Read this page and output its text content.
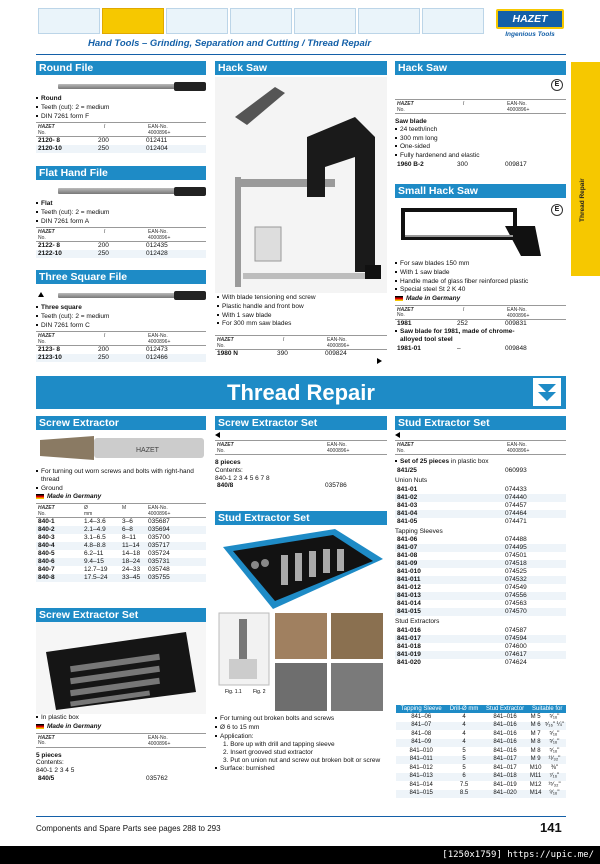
HAZET
Ingenious Tools
Hand Tools – Grinding, Separation and Cutting / Thread Repair
Thread Repair
Round File
Round
Teeth (cut): 2 = medium
DIN 7261 form F
HAZET
No.
l	EAN-No.
4000896+
2120- 8	200	012411
2120-10	250	012404
Flat Hand File
Flat
Teeth (cut): 2 = medium
DIN 7261 form A
HAZET
No.
l	EAN-No.
4000896+
2122- 8	200	012435
2122-10	250	012428
Three Square File
Three square
Teeth (cut): 2 = medium
DIN 7261 form C
HAZET
No.
l	EAN-No.
4000896+
2123- 8	200	012473
2123-10	250	012466
Hack Saw
With blade tensioning end screw
Plastic handle and front bow
With 1 saw blade
For 300 mm saw blades
HAZET
No.
l	EAN-No.
4000896+
1980 N	390	009824
Hack Saw
E
HAZET
No.
l	EAN-No.
4000896+
Saw blade
24 teeth/inch
300 mm long
One-sided
Fully hardenend and elastic
1960 B-2	300	009817
Small Hack Saw
E
For saw blades 150 mm
With 1 saw blade
Handle made of glass fiber reinforced plastic
Special steel St 2 K 40
Made in Germany
HAZET
No.
l	EAN-No.
4000896+
1981	252	009831
Saw blade for 1981, made of chrome-alloyed tool steel
1981-01	–	009848
Thread Repair
Screw Extractor
HAZET
For turning out worn screws and bolts with right-hand thread
Ground
Made in Germany
HAZET
No.
Ø
mm
M	EAN-No.
4000896+
840-1	1.4–3.6	3–6 035687
840-2	2.1–4.9	6–8 035694
840-3	3.1–6.5	8–11 035700
840-4	4.8–8.8	11–14 035717
840-5	6.2–11	14–18 035724
840-6	9.4–15	18–24 035731
840-7	12.7–19 24–33 035748
840-8	17.5–24 33–45 035755
Screw Extractor Set
In plastic box
Made in Germany
HAZET
No.
EAN-No.
4000896+
5 pieces
Contents:
840-1 2 3 4 5
840/5	035762
Screw Extractor Set
HAZET
No.
EAN-No.
4000896+
8 pieces
Contents:
840-1 2 3 4 5 6 7 8
840/8	035786
Stud Extractor Set
Fig. 1.1 Fig. 2
For turning out broken bolts and screws
Ø 6 to 15 mm
Application:
1. Bore up with drill and tapping sleeve
2. Insert grooved stud extractor
3. Put on union nut and screw out broken bolt or screw
Surface: burnished
Stud Extractor Set
HAZET
No.
EAN-No.
4000896+
Set of 25 pieces in plastic box
841/25	060993
Union Nuts
841-01	074433
841-02	074440
841-03	074457
841-04	074464
841-05	074471
Tapping Sleeves
841-06	074488
841-07	074495
841-08	074501
841-09	074518
841-010	074525
841-011	074532
841-012	074549
841-013	074556
841-014	074563
841-015	074570
Stud Extractors
841-016	074587
841-017	074594
841-018	074600
841-019	074617
841-020	074624
Tapping Sleeve	Drill-Ø mm	Stud Extractor	Suitable for	
841–06	4	841–016	M 5	⁵⁄₁₆"
841–07	4	841–016	M 6	⁵⁄₁₆" ¼"
841–08	4	841–016	M 7	⁵⁄₁₆"
841–09	4	841–016	M 8	⁵⁄₁₆"
841–010	5	841–016	M 8	⁵⁄₁₆"
841–011	5	841–017	M 9	¹¹⁄₃₂"
841–012	5	841–017	M10	⅜"
841–013	6	841–018	M11	⁷⁄₁₆"
841–014	7.5	841–019	M12	¹⁵⁄₃₂"
841–015	8.5	841–020	M14	⁹⁄₁₆"
Components and Spare Parts see pages 288 to 293	141
[1250x1759] https://upic.me/
